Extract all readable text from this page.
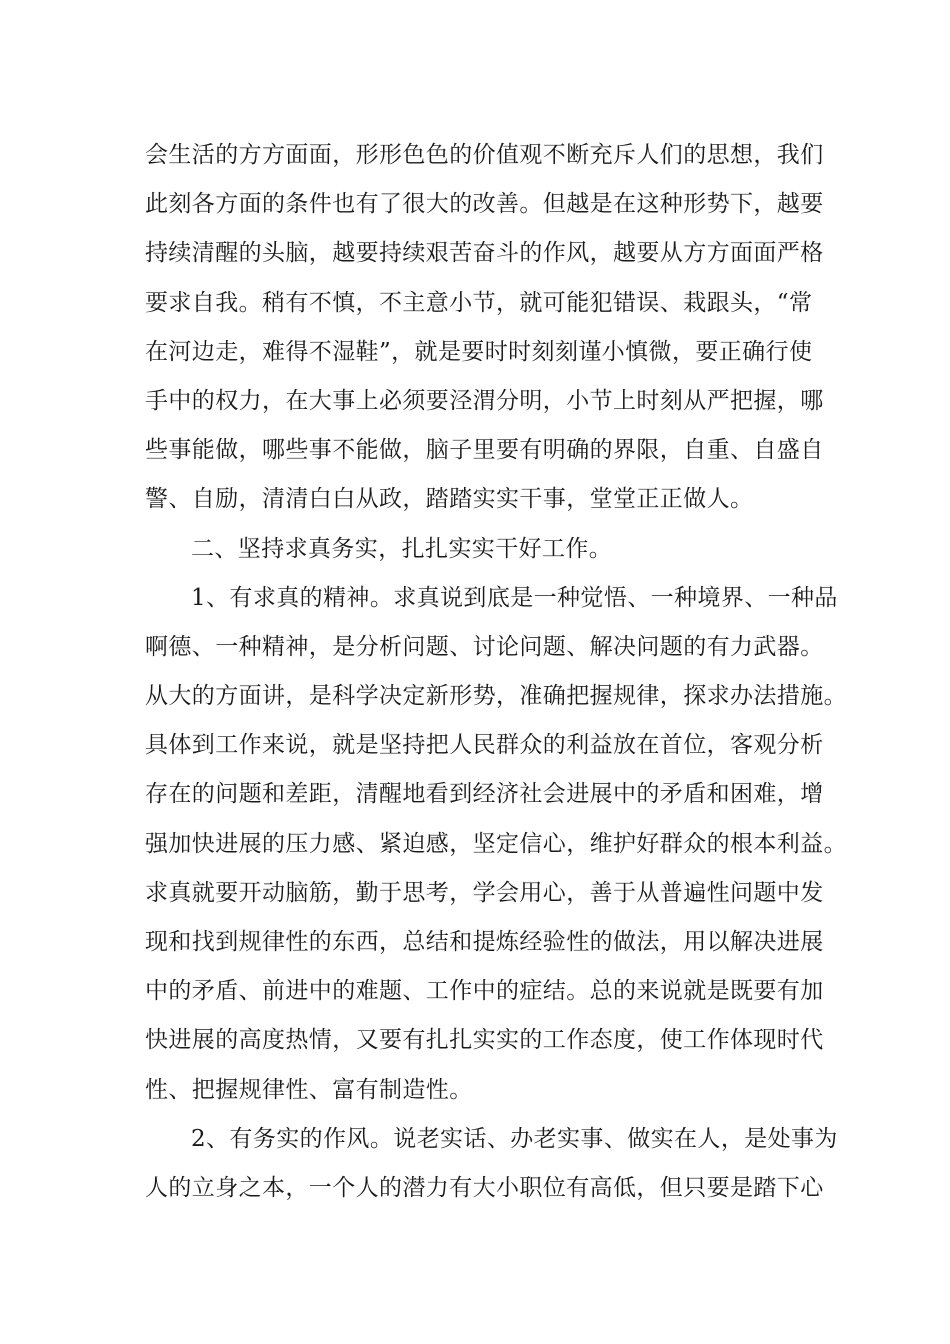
会生活的方方面面，形形色色的价值观不断充斥人们的思想，我们
此刻各方面的条件也有了很大的改善。但越是在这种形势下，越要
持续清醒的头脑，越要持续艰苦奋斗的作风，越要从方方面面严格
要求自我。稍有不慎，不主意小节，就可能犯错误、栽跟头，“常
在河边走，难得不湿鞋”，就是要时时刻刻谨小慎微，要正确行使
手中的权力，在大事上必须要泾渭分明，小节上时刻从严把握，哪
些事能做，哪些事不能做，脑子里要有明确的界限，自重、自盛自
警、自励，清清白白从政，踏踏实实干事，堂堂正正做人。
二、坚持求真务实，扎扎实实干好工作。
1、有求真的精神。求真说到底是一种觉悟、一种境界、一种品
啊德、一种精神，是分析问题、讨论问题、解决问题的有力武器。
从大的方面讲，是科学决定新形势，准确把握规律，探求办法措施。
具体到工作来说，就是坚持把人民群众的利益放在首位，客观分析
存在的问题和差距，清醒地看到经济社会进展中的矛盾和困难，增
强加快进展的压力感、紧迫感，坚定信心，维护好群众的根本利益。
求真就要开动脑筋，勤于思考，学会用心，善于从普遍性问题中发
现和找到规律性的东西，总结和提炼经验性的做法，用以解决进展
中的矛盾、前进中的难题、工作中的症结。总的来说就是既要有加
快进展的高度热情，又要有扎扎实实的工作态度，使工作体现时代
性、把握规律性、富有制造性。
2、有务实的作风。说老实话、办老实事、做实在人，是处事为
人的立身之本，一个人的潜力有大小职位有高低，但只要是踏下心
